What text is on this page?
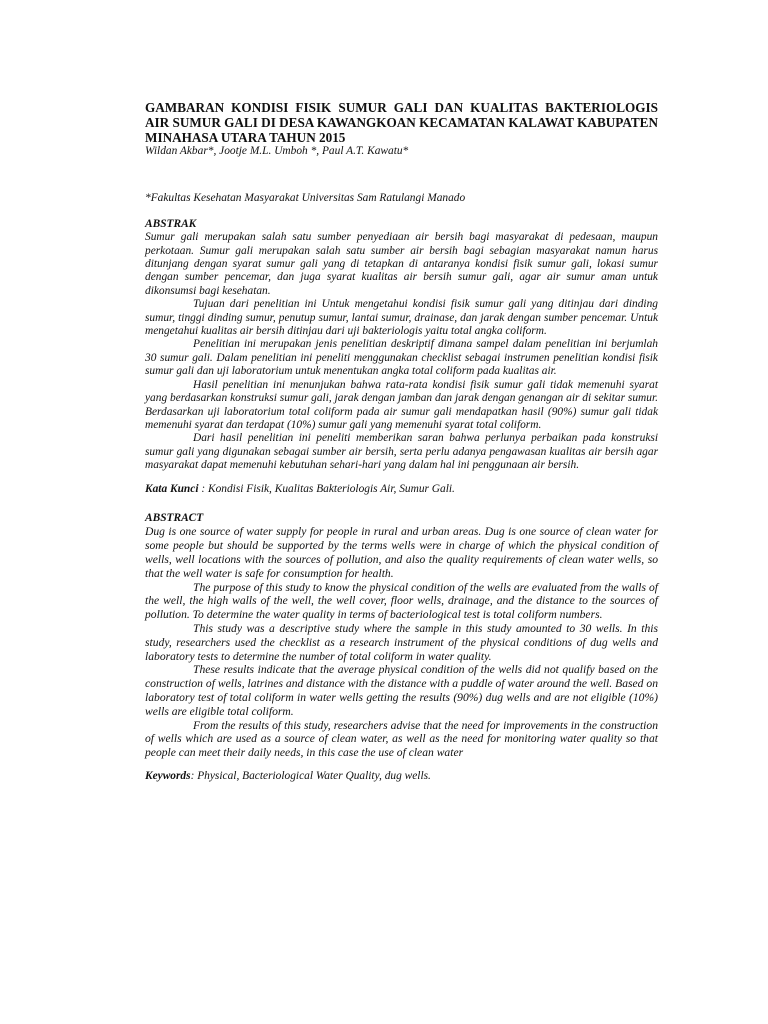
GAMBARAN KONDISI FISIK SUMUR GALI DAN KUALITAS BAKTERIOLOGIS AIR SUMUR GALI DI DESA KAWANGKOAN KECAMATAN KALAWAT KABUPATEN MINAHASA UTARA TAHUN 2015

Wildan Akbar*, Jootje M.L. Umboh *, Paul A.T. Kawatu*

*Fakultas Kesehatan Masyarakat Universitas Sam Ratulangi Manado

ABSTRAK

Sumur gali merupakan salah satu sumber penyediaan air bersih bagi masyarakat di pedesaan, maupun perkotaan. Sumur gali merupakan salah satu sumber air bersih bagi sebagian masyarakat namun harus ditunjang dengan syarat sumur gali yang di tetapkan di antaranya kondisi fisik sumur gali, lokasi sumur dengan sumber pencemar, dan juga syarat kualitas air bersih sumur gali, agar air sumur aman untuk dikonsumsi bagi kesehatan.

Tujuan dari penelitian ini Untuk mengetahui kondisi fisik sumur gali yang ditinjau dari dinding sumur, tinggi dinding sumur, penutup sumur, lantai sumur, drainase, dan jarak dengan sumber pencemar. Untuk mengetahui kualitas air bersih ditinjau dari uji bakteriologis yaitu total angka coliform.

Penelitian ini merupakan jenis penelitian deskriptif dimana sampel dalam penelitian ini berjumlah 30 sumur gali. Dalam penelitian ini peneliti menggunakan checklist sebagai instrumen penelitian kondisi fisik sumur gali dan uji laboratorium untuk menentukan angka total coliform pada kualitas air.

Hasil penelitian ini menunjukan bahwa rata-rata kondisi fisik sumur gali tidak memenuhi syarat yang berdasarkan konstruksi sumur gali, jarak dengan jamban dan jarak dengan genangan air di sekitar sumur. Berdasarkan uji laboratorium total coliform pada air sumur gali mendapatkan hasil (90%) sumur gali tidak memenuhi syarat dan terdapat (10%) sumur gali yang memenuhi syarat total coliform.

Dari hasil penelitian ini peneliti memberikan saran bahwa perlunya perbaikan pada konstruksi sumur gali yang digunakan sebagai sumber air bersih, serta perlu adanya pengawasan kualitas air bersih agar masyarakat dapat memenuhi kebutuhan sehari-hari yang dalam hal ini penggunaan air bersih.

Kata Kunci : Kondisi Fisik, Kualitas Bakteriologis Air, Sumur Gali.

ABSTRACT

Dug is one source of water supply for people in rural and urban areas. Dug is one source of clean water for some people but should be supported by the terms wells were in charge of which the physical condition of wells, well locations with the sources of pollution, and also the quality requirements of clean water wells, so that the well water is safe for consumption for health.

The purpose of this study to know the physical condition of the wells are evaluated from the walls of the well, the high walls of the well, the well cover, floor wells, drainage, and the distance to the sources of pollution. To determine the water quality in terms of bacteriological test is total coliform numbers.

This study was a descriptive study where the sample in this study amounted to 30 wells. In this study, researchers used the checklist as a research instrument of the physical conditions of dug wells and laboratory tests to determine the number of total coliform in water quality.

These results indicate that the average physical condition of the wells did not qualify based on the construction of wells, latrines and distance with the distance with a puddle of water around the well. Based on laboratory test of total coliform in water wells getting the results (90%) dug wells and are not eligible (10%) wells are eligible total coliform.

From the results of this study, researchers advise that the need for improvements in the construction of wells which are used as a source of clean water, as well as the need for monitoring water quality so that people can meet their daily needs, in this case the use of clean water

Keywords: Physical, Bacteriological Water Quality, dug wells.
